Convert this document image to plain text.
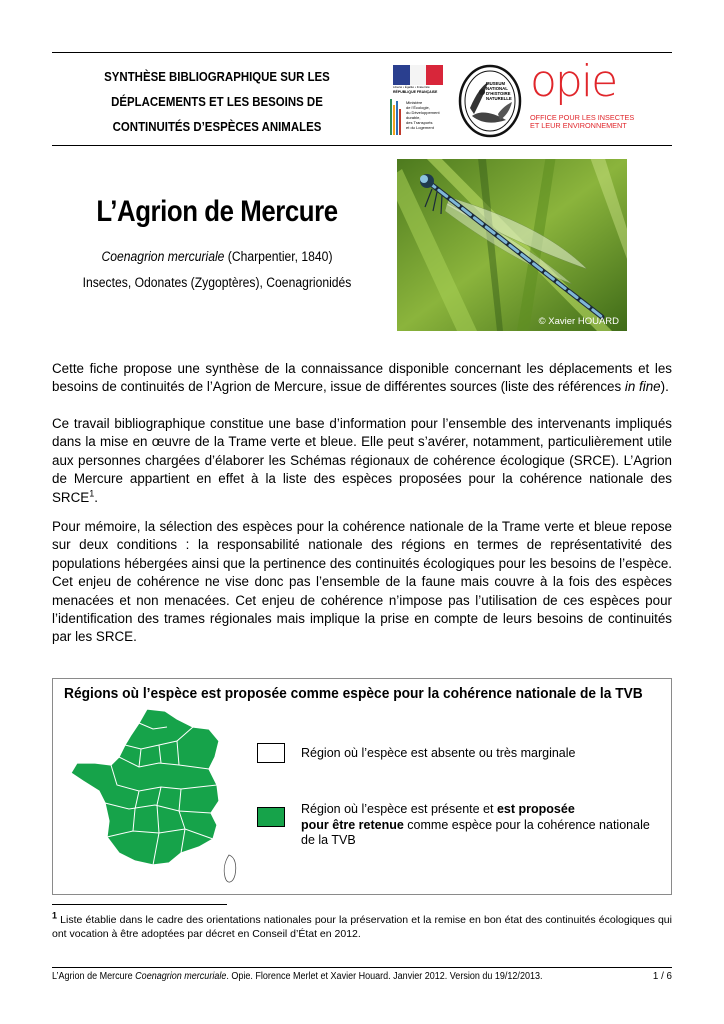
SYNTHÈSE BIBLIOGRAPHIQUE SUR LES
DÉPLACEMENTS ET LES BESOINS DE
CONTINUITÉS D’ESPÈCES ANIMALES
Liberté • Égalité • Fraternité
RÉPUBLIQUE FRANÇAISE
Ministère
de l’Écologie,
du Développement
durable,
des Transports
et du Logement
MUSEUM
NATIONAL
D’HISTOIRE
NATURELLE opie
OFFICE POUR LES INSECTES
ET LEUR ENVIRONNEMENT
L’Agrion de Mercure
Coenagrion mercuriale (Charpentier, 1840)
Insectes, Odonates (Zygoptères), Coenagrionidés
© Xavier HOUARD

Cette fiche propose une synthèse de la connaissance disponible concernant les déplacements et les besoins de continuités de l’Agrion de Mercure, issue de différentes sources (liste des références in fine).

Ce travail bibliographique constitue une base d’information pour l’ensemble des intervenants impliqués dans la mise en œuvre de la Trame verte et bleue. Elle peut s’avérer, notamment, particulièrement utile aux personnes chargées d’élaborer les Schémas régionaux de cohérence écologique (SRCE). L’Agrion de Mercure appartient en effet à la liste des espèces proposées pour la cohérence nationale des SRCE$^1$.

Pour mémoire, la sélection des espèces pour la cohérence nationale de la Trame verte et bleue repose sur deux conditions : la responsabilité nationale des régions en termes de représentativité des populations hébergées ainsi que la pertinence des continuités écologiques pour les besoins de l’espèce. Cet enjeu de cohérence ne vise donc pas l’ensemble de la faune mais couvre à la fois des espèces menacées et non menacées. Cet enjeu de cohérence n’impose pas l’utilisation de ces espèces pour l’identification des trames régionales mais implique la prise en compte de leurs besoins de continuités par les SRCE.

Régions où l’espèce est proposée comme espèce pour la cohérence nationale de la TVB
Région où l’espèce est absente ou très marginale
Région où l’espèce est présente et est proposée
pour être retenue comme espèce pour la cohérence nationale
de la TVB
$^1$ Liste établie dans le cadre des orientations nationales pour la préservation et la remise en bon état des continuités écologiques qui ont vocation à être adoptées par décret en Conseil d’État en 2012.
L’Agrion de Mercure Coenagrion mercuriale. Opie. Florence Merlet et Xavier Houard. Janvier 2012. Version du 19/12/2013.	1 / 6
